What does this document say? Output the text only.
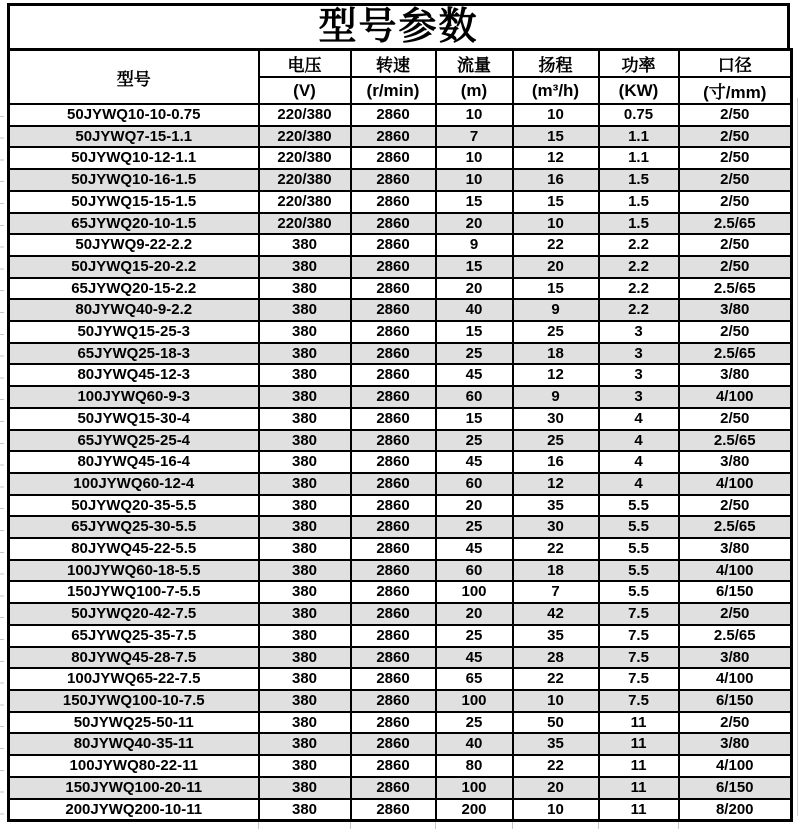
型号参数
型号	电压	转速	流量	扬程	功率	口径
	(V)	(r/min)	(m)	(m³/h)	(KW)	(寸/mm)
50JYWQ10-10-0.75	220/380	2860	10	10	0.75	2/50
50JYWQ7-15-1.1	220/380	2860	7	15	1.1	2/50
50JYWQ10-12-1.1	220/380	2860	10	12	1.1	2/50
50JYWQ10-16-1.5	220/380	2860	10	16	1.5	2/50
50JYWQ15-15-1.5	220/380	2860	15	15	1.5	2/50
65JYWQ20-10-1.5	220/380	2860	20	10	1.5	2.5/65
50JYWQ9-22-2.2	380	2860	9	22	2.2	2/50
50JYWQ15-20-2.2	380	2860	15	20	2.2	2/50
65JYWQ20-15-2.2	380	2860	20	15	2.2	2.5/65
80JYWQ40-9-2.2	380	2860	40	9	2.2	3/80
50JYWQ15-25-3	380	2860	15	25	3	2/50
65JYWQ25-18-3	380	2860	25	18	3	2.5/65
80JYWQ45-12-3	380	2860	45	12	3	3/80
100JYWQ60-9-3	380	2860	60	9	3	4/100
50JYWQ15-30-4	380	2860	15	30	4	2/50
65JYWQ25-25-4	380	2860	25	25	4	2.5/65
80JYWQ45-16-4	380	2860	45	16	4	3/80
100JYWQ60-12-4	380	2860	60	12	4	4/100
50JYWQ20-35-5.5	380	2860	20	35	5.5	2/50
65JYWQ25-30-5.5	380	2860	25	30	5.5	2.5/65
80JYWQ45-22-5.5	380	2860	45	22	5.5	3/80
100JYWQ60-18-5.5	380	2860	60	18	5.5	4/100
150JYWQ100-7-5.5	380	2860	100	7	5.5	6/150
50JYWQ20-42-7.5	380	2860	20	42	7.5	2/50
65JYWQ25-35-7.5	380	2860	25	35	7.5	2.5/65
80JYWQ45-28-7.5	380	2860	45	28	7.5	3/80
100JYWQ65-22-7.5	380	2860	65	22	7.5	4/100
150JYWQ100-10-7.5	380	2860	100	10	7.5	6/150
50JYWQ25-50-11	380	2860	25	50	11	2/50
80JYWQ40-35-11	380	2860	40	35	11	3/80
100JYWQ80-22-11	380	2860	80	22	11	4/100
150JYWQ100-20-11	380	2860	100	20	11	6/150
200JYWQ200-10-11	380	2860	200	10	11	8/200
